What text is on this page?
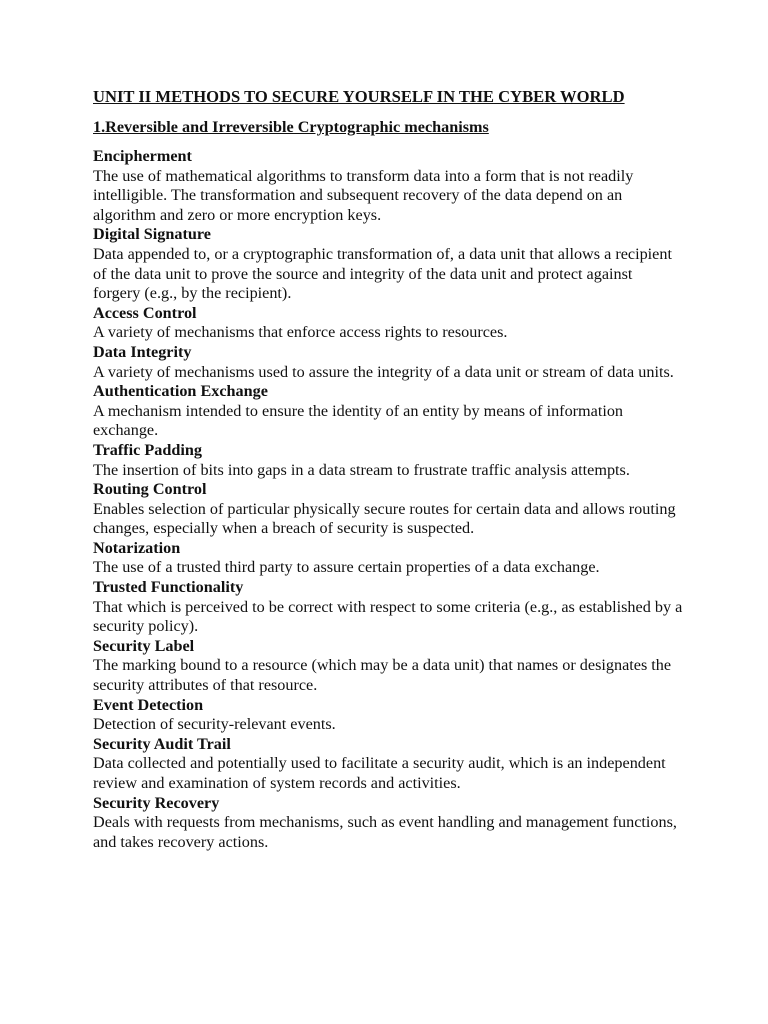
UNIT II METHODS TO SECURE YOURSELF IN THE CYBER WORLD

1.Reversible and Irreversible Cryptographic mechanisms

Encipherment

The use of mathematical algorithms to transform data into a form that is not readily intelligible. The transformation and subsequent recovery of the data depend on an algorithm and zero or more encryption keys.

Digital Signature

Data appended to, or a cryptographic transformation of, a data unit that allows a recipient of the data unit to prove the source and integrity of the data unit and protect against forgery (e.g., by the recipient).

Access Control

A variety of mechanisms that enforce access rights to resources.

Data Integrity

A variety of mechanisms used to assure the integrity of a data unit or stream of data units.

Authentication Exchange

A mechanism intended to ensure the identity of an entity by means of information exchange.

Traffic Padding

The insertion of bits into gaps in a data stream to frustrate traffic analysis attempts.

Routing Control

Enables selection of particular physically secure routes for certain data and allows routing changes, especially when a breach of security is suspected.

Notarization

The use of a trusted third party to assure certain properties of a data exchange.

Trusted Functionality

That which is perceived to be correct with respect to some criteria (e.g., as established by a security policy).

Security Label

The marking bound to a resource (which may be a data unit) that names or designates the security attributes of that resource.

Event Detection

Detection of security-relevant events.

Security Audit Trail

Data collected and potentially used to facilitate a security audit, which is an independent review and examination of system records and activities.

Security Recovery

Deals with requests from mechanisms, such as event handling and management functions, and takes recovery actions.
